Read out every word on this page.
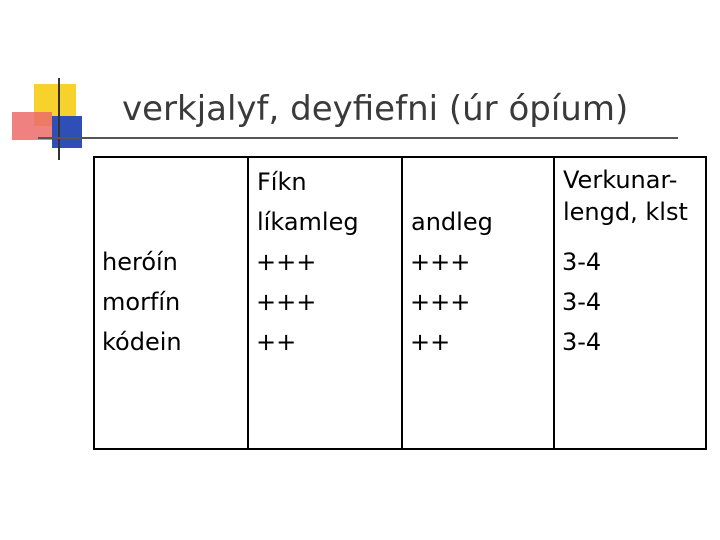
verkjalyf, deyfiefni (úr ópíum)
heróín
morfín
kódein
Fíkn
líkamleg
+++
+++
++
andleg
+++
+++
++
Verkunar-
lengd, klst
3-4
3-4
3-4
